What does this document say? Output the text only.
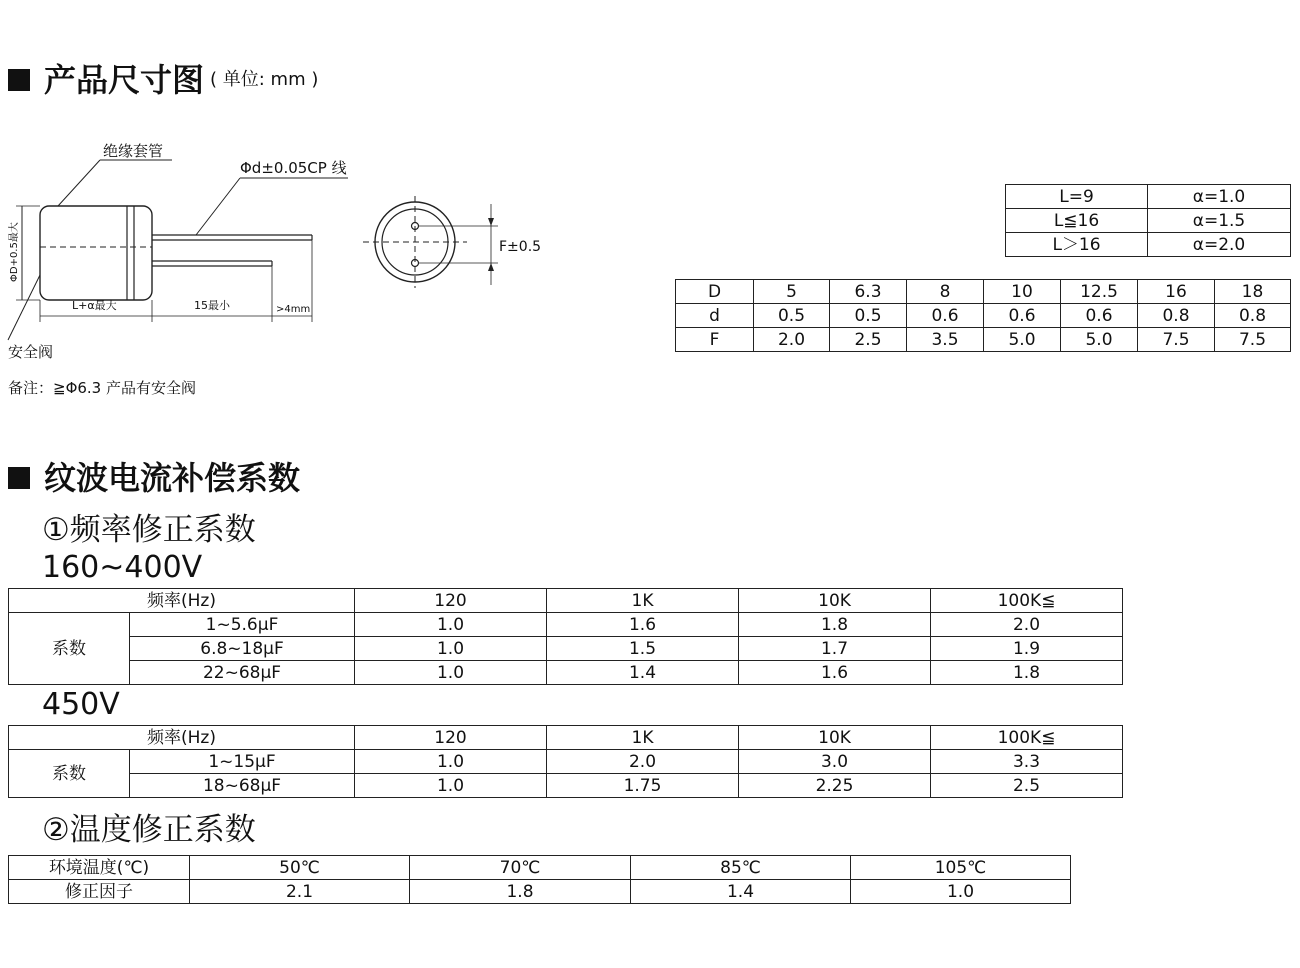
产品尺寸图 ( 单位: mm )
绝缘套管
Φd±0.05CP 线
安全阀
ΦD+0.5最大
L+α最大	15最小	>4mm
F±0.5
备注：≧Φ6.3 产品有安全阀
L=9	α=1.0
L≦16	α=1.5
L＞16	α=2.0
D	5	6.3	8	10	12.5	16	18
d	0.5	0.5	0.6	0.6	0.6	0.8	0.8
F	2.0	2.5	3.5	5.0	5.0	7.5	7.5
纹波电流补偿系数
①频率修正系数
160~400V
频率(Hz)		120	1K	10K	100K≦
系数	1~5.6μF	1.0	1.6	1.8	2.0
	6.8~18μF	1.0	1.5	1.7	1.9
	22~68μF	1.0	1.4	1.6	1.8
450V
频率(Hz)		120	1K	10K	100K≦
系数	1~15μF	1.0	2.0	3.0	3.3
	18~68μF	1.0	1.75	2.25	2.5
②温度修正系数
环境温度(℃)	50℃	70℃	85℃	105℃
修正因子	2.1	1.8	1.4	1.0
